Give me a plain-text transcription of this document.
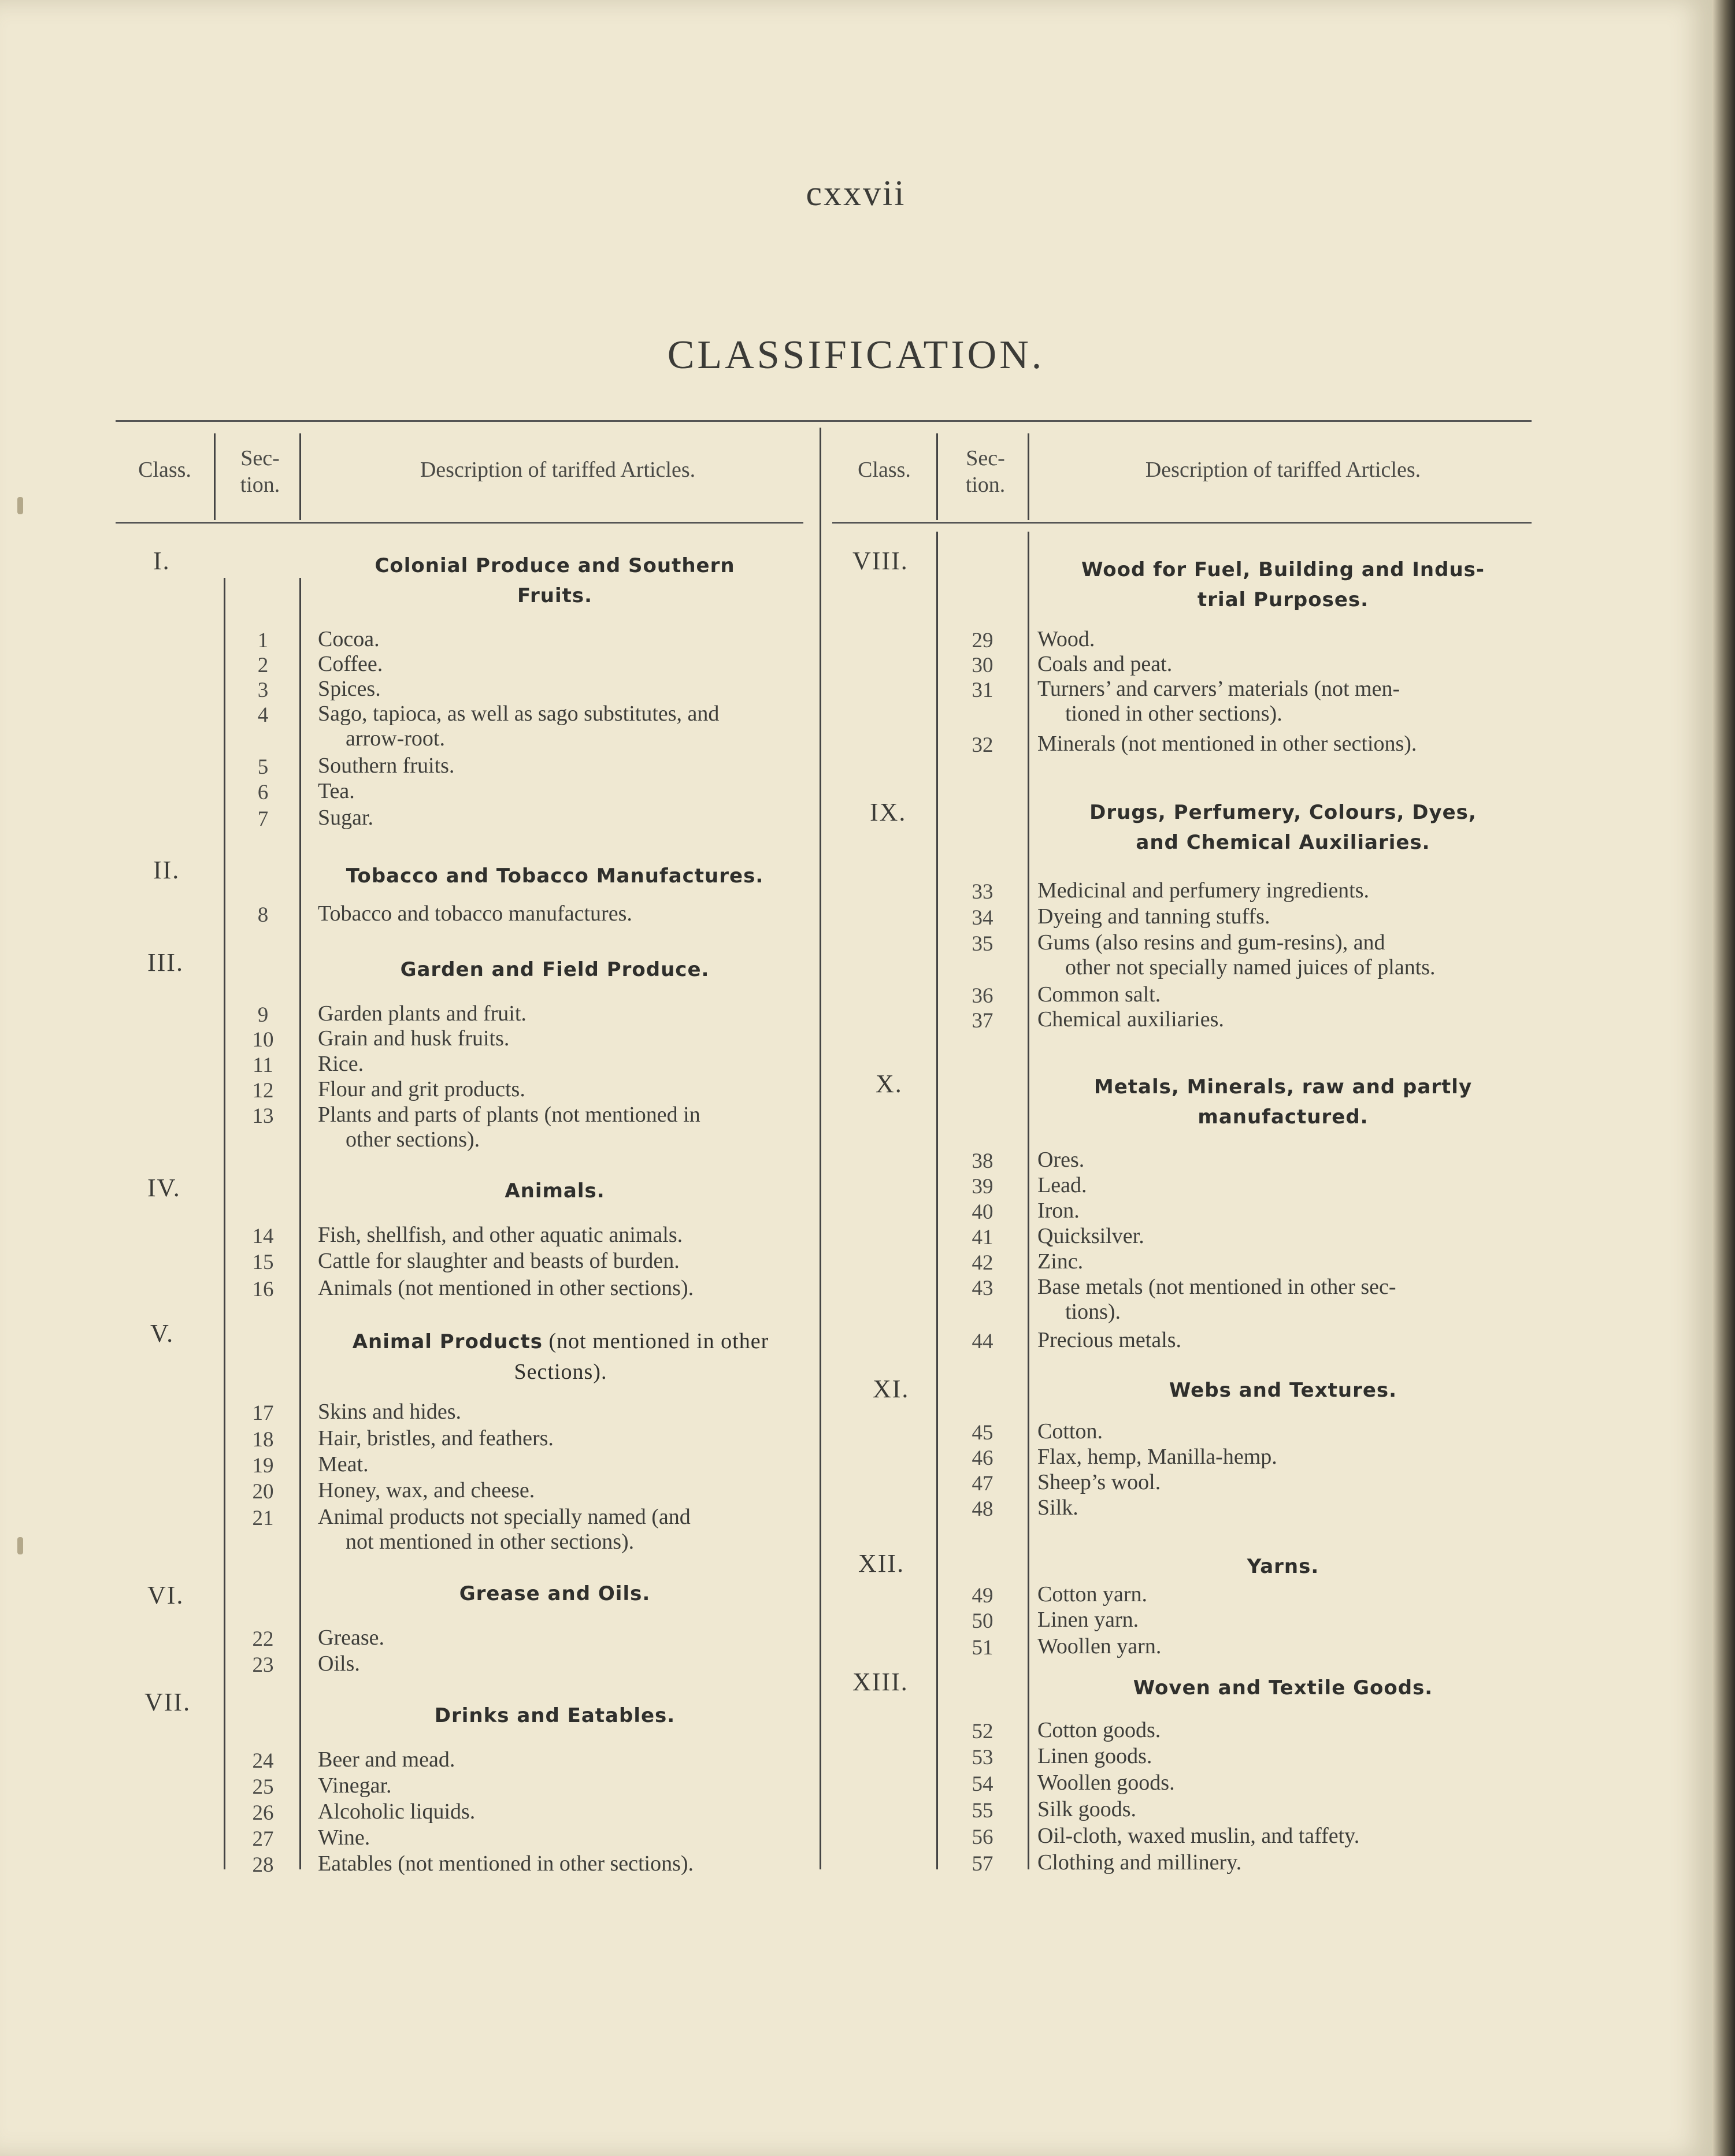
cxxvii
CLASSIFICATION.
Class.	Sec-
tion.
Description of tariffed Articles.	Class.	Sec-
tion.
Description of tariffed Articles.
I.	Colonial Produce and Southern
Fruits.
1	Cocoa.
2	Coffee.
3	Spices.
4	Sago, tapioca, as well as sago substitutes, and
arrow-root.
5	Southern fruits.
6	Tea.
7	Sugar.
II.	Tobacco and Tobacco Manufactures.
8	Tobacco and tobacco manufactures.
III.	Garden and Field Produce.
9	Garden plants and fruit.
10	Grain and husk fruits.
11	Rice.
12	Flour and grit products.
13	Plants and parts of plants (not mentioned in
other sections).
IV.	Animals.
14	Fish, shellfish, and other aquatic animals.
15	Cattle for slaughter and beasts of burden.
16	Animals (not mentioned in other sections).
V.	Animal Products (not mentioned in other
Sections).
17	Skins and hides.
18	Hair, bristles, and feathers.
19	Meat.
20	Honey, wax, and cheese.
21	Animal products not specially named (and
not mentioned in other sections).
VI.	Grease and Oils.
22	Grease.
23	Oils.
VII.	Drinks and Eatables.
24	Beer and mead.
25	Vinegar.
26	Alcoholic liquids.
27	Wine.
28	Eatables (not mentioned in other sections).
VIII.	Wood for Fuel, Building and Indus-
trial Purposes.
29	Wood.
30	Coals and peat.
31	Turners’ and carvers’ materials (not men-
tioned in other sections).
32	Minerals (not mentioned in other sections).
IX.	Drugs, Perfumery, Colours, Dyes,
and Chemical Auxiliaries.
33	Medicinal and perfumery ingredients.
34	Dyeing and tanning stuffs.
35	Gums (also resins and gum-resins), and
other not specially named juices of plants.
36	Common salt.
37	Chemical auxiliaries.
X.	Metals, Minerals, raw and partly
manufactured.
38	Ores.
39	Lead.
40	Iron.
41	Quicksilver.
42	Zinc.
43	Base metals (not mentioned in other sec-
tions).
44	Precious metals.
XI.	Webs and Textures.
45	Cotton.
46	Flax, hemp, Manilla-hemp.
47	Sheep’s wool.
48	Silk.
XII.	Yarns.
49	Cotton yarn.
50	Linen yarn.
51	Woollen yarn.
XIII.	Woven and Textile Goods.
52	Cotton goods.
53	Linen goods.
54	Woollen goods.
55	Silk goods.
56	Oil-cloth, waxed muslin, and taffety.
57	Clothing and millinery.
